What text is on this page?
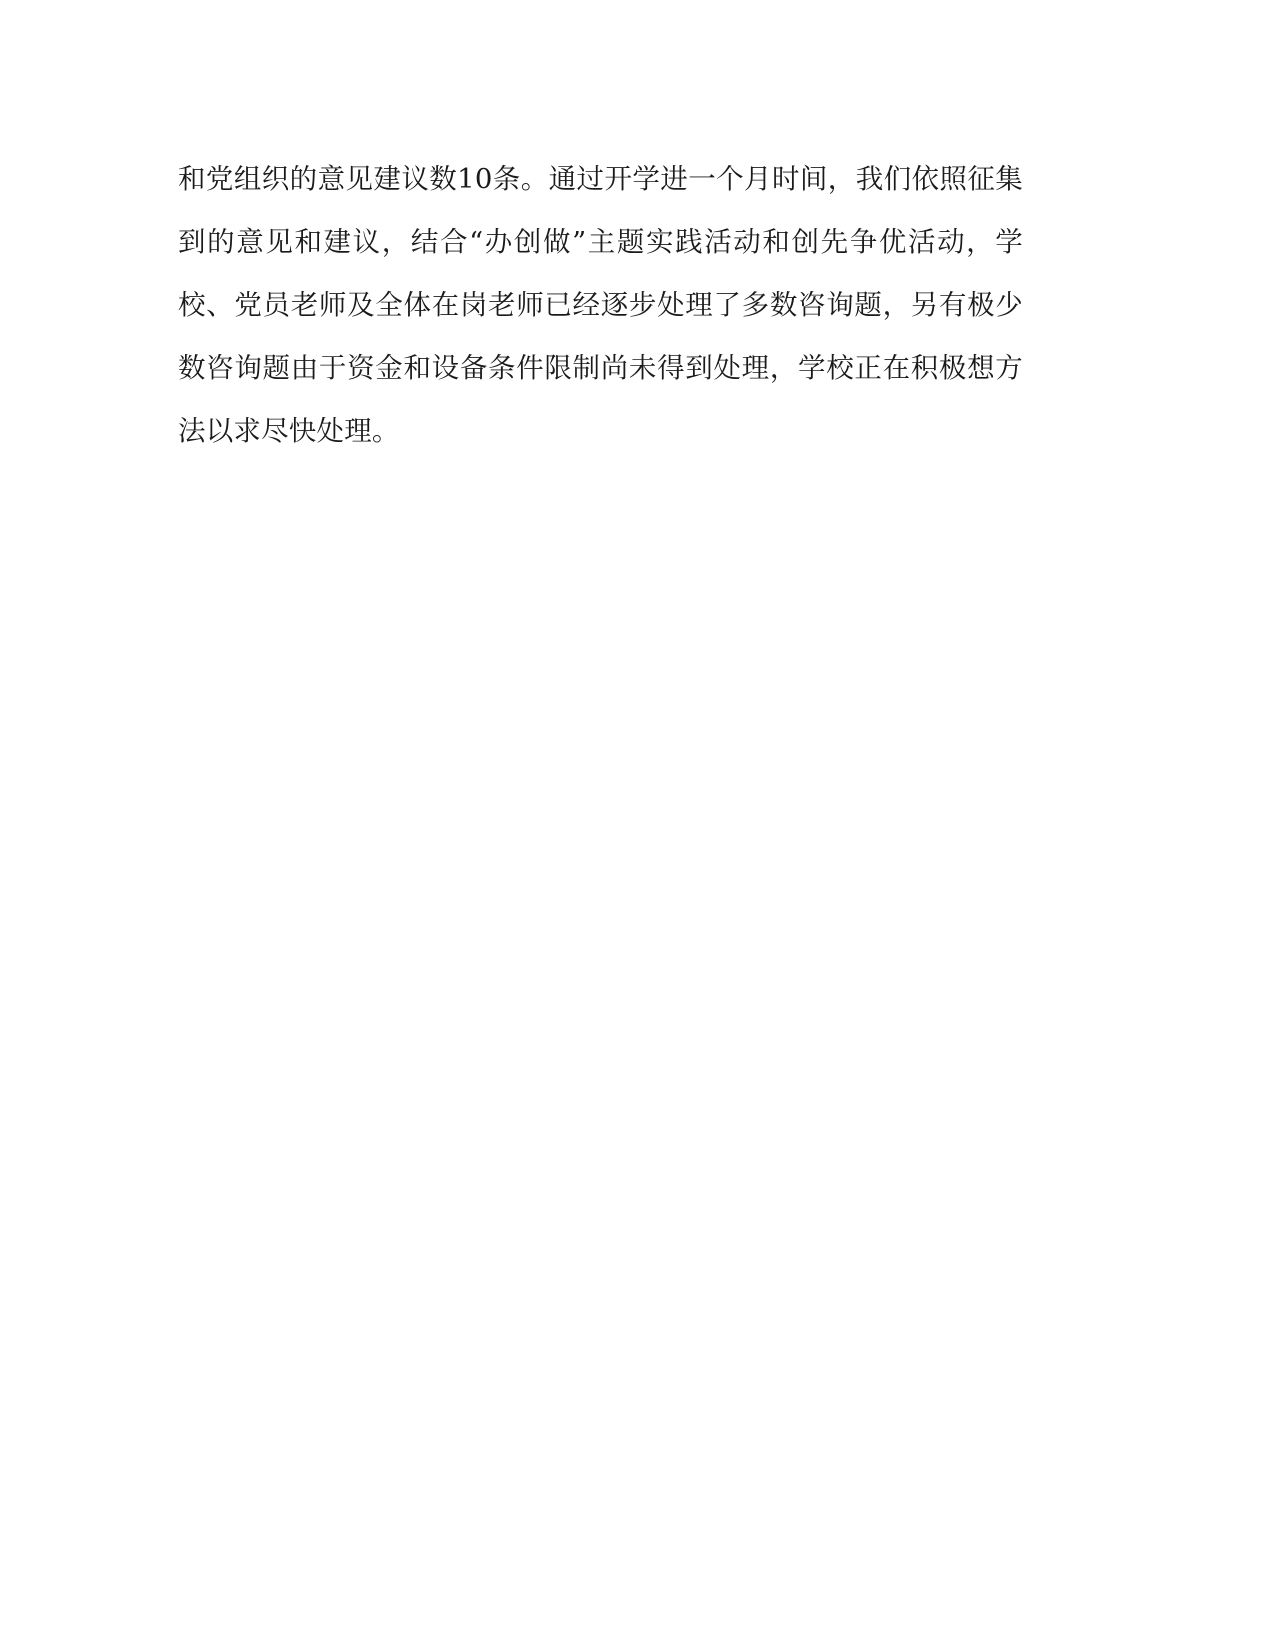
和党组织的意见建议数10条。通过开学进一个月时间，我们依照征集到的意见和建议，结合“办创做”主题实践活动和创先争优活动，学校、党员老师及全体在岗老师已经逐步处理了多数咨询题，另有极少数咨询题由于资金和设备条件限制尚未得到处理，学校正在积极想方法以求尽快处理。
